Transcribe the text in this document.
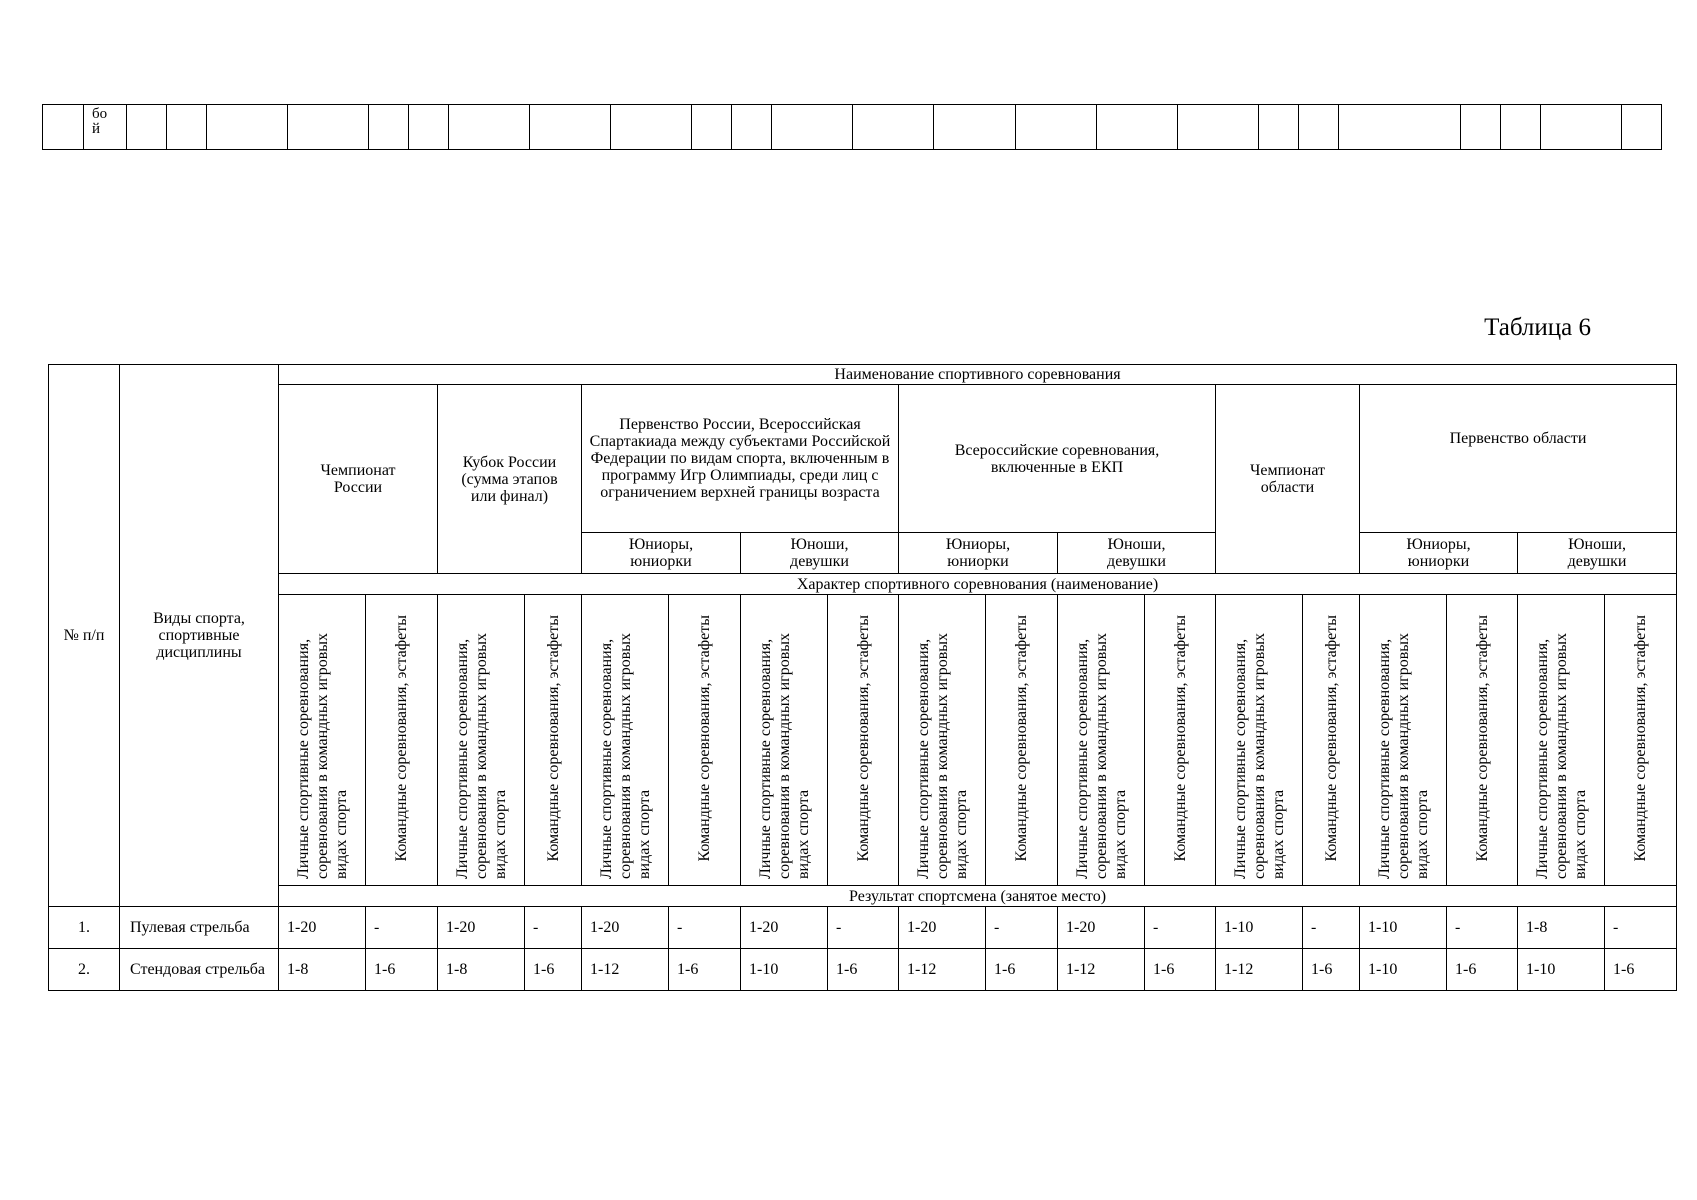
	бо
й																								
Таблица 6
№ п/п	Виды спорта, спортивные дисциплины	Наименование спортивного соревнования																	
		Чемпионат России		Кубок России (сумма этапов или финал)		Первенство России, Всероссийская Спартакиада между субъектами Российской Федерации по видам спорта, включенным в программу Игр Олимпиады, среди лиц с ограничением верхней границы возраста				Всероссийские соревнования, включенные в ЕКП				Чемпионат области		Первенство области			
						Юниоры, юниорки		Юноши, девушки		Юниоры, юниорки		Юноши, девушки				Юниоры, юниорки		Юноши, девушки	
		Характер спортивного соревнования (наименование)																	
		Личные спортивные соревнования, соревнования в командных игровых видах спорта	Командные соревнования, эстафеты	Личные спортивные соревнования, соревнования в командных игровых видах спорта	Командные соревнования, эстафеты	Личные спортивные соревнования, соревнования в командных игровых видах спорта	Командные соревнования, эстафеты	Личные спортивные соревнования, соревнования в командных игровых видах спорта	Командные соревнования, эстафеты	Личные спортивные соревнования, соревнования в командных игровых видах спорта	Командные соревнования, эстафеты	Личные спортивные соревнования, соревнования в командных игровых видах спорта	Командные соревнования, эстафеты	Личные спортивные соревнования, соревнования в командных игровых видах спорта	Командные соревнования, эстафеты	Личные спортивные соревнования, соревнования в командных игровых видах спорта	Командные соревнования, эстафеты	Личные спортивные соревнования, соревнования в командных игровых видах спорта	Командные соревнования, эстафеты
		Результат спортсмена (занятое место)																	
1.	Пулевая стрельба	1-20	-	1-20	-	1-20	-	1-20	-	1-20	-	1-20	-	1-10	-	1-10	-	1-8	-
2.	Стендовая стрельба	1-8	1-6	1-8	1-6	1-12	1-6	1-10	1-6	1-12	1-6	1-12	1-6	1-12	1-6	1-10	1-6	1-10	1-6
